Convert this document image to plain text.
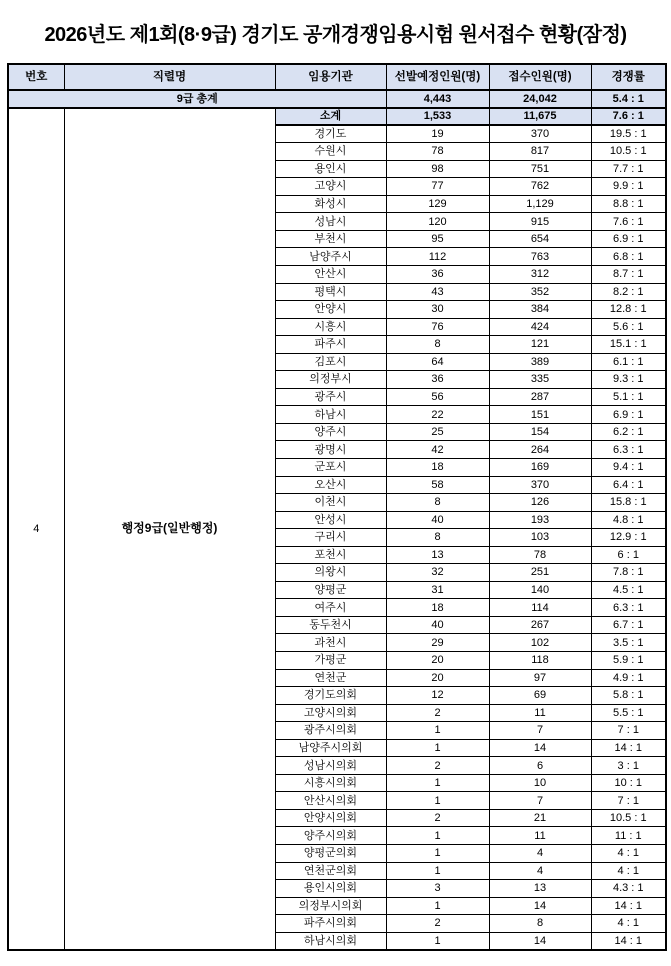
2026년도 제1회(8·9급) 경기도 공개경쟁임용시험 원서접수 현황(잠정)
번호	직렬명	임용기관	선발예정인원(명)	접수인원(명)	경쟁률
9급 총계			4,443	24,042	5.4 : 1
4	행정9급(일반행정)	소계	1,533	11,675	7.6 : 1
		경기도	19	370	19.5 : 1
		수원시	78	817	10.5 : 1
		용인시	98	751	7.7 : 1
		고양시	77	762	9.9 : 1
		화성시	129	1,129	8.8 : 1
		성남시	120	915	7.6 : 1
		부천시	95	654	6.9 : 1
		남양주시	112	763	6.8 : 1
		안산시	36	312	8.7 : 1
		평택시	43	352	8.2 : 1
		안양시	30	384	12.8 : 1
		시흥시	76	424	5.6 : 1
		파주시	8	121	15.1 : 1
		김포시	64	389	6.1 : 1
		의정부시	36	335	9.3 : 1
		광주시	56	287	5.1 : 1
		하남시	22	151	6.9 : 1
		양주시	25	154	6.2 : 1
		광명시	42	264	6.3 : 1
		군포시	18	169	9.4 : 1
		오산시	58	370	6.4 : 1
		이천시	8	126	15.8 : 1
		안성시	40	193	4.8 : 1
		구리시	8	103	12.9 : 1
		포천시	13	78	6 : 1
		의왕시	32	251	7.8 : 1
		양평군	31	140	4.5 : 1
		여주시	18	114	6.3 : 1
		동두천시	40	267	6.7 : 1
		과천시	29	102	3.5 : 1
		가평군	20	118	5.9 : 1
		연천군	20	97	4.9 : 1
		경기도의회	12	69	5.8 : 1
		고양시의회	2	11	5.5 : 1
		광주시의회	1	7	7 : 1
		남양주시의회	1	14	14 : 1
		성남시의회	2	6	3 : 1
		시흥시의회	1	10	10 : 1
		안산시의회	1	7	7 : 1
		안양시의회	2	21	10.5 : 1
		양주시의회	1	11	11 : 1
		양평군의회	1	4	4 : 1
		연천군의회	1	4	4 : 1
		용인시의회	3	13	4.3 : 1
		의정부시의회	1	14	14 : 1
		파주시의회	2	8	4 : 1
		하남시의회	1	14	14 : 1
